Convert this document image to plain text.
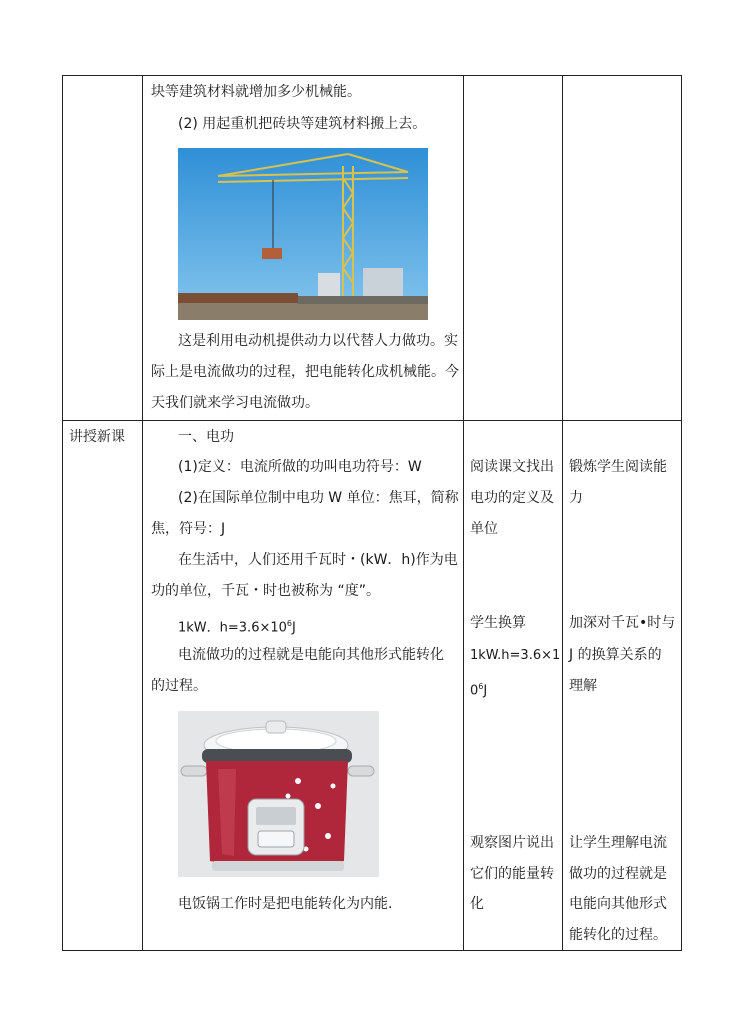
块等建筑材料就增加多少机械能。
(2) 用起重机把砖块等建筑材料搬上去。
这是利用电动机提供动力以代替人力做功。实
际上是电流做功的过程，把电能转化成机械能。今
天我们就来学习电流做功。
讲授新课	一、电功
(1)定义：电流所做的功叫电功符号：W
(2)在国际单位制中电功 W 单位：焦耳，简称
焦，符号：J
在生活中，人们还用千瓦时・(kW．h)作为电
功的单位，千瓦・时也被称为 “度”。
1kW．$h=3.6\times 10^6J$
电流做功的过程就是电能向其他形式能转化
的过程。
电饭锅工作时是把电能转化为内能.
阅读课文找出
电功的定义及
单位
学生换算
1kW.h=3.6×1
$0^6J$
观察图片说出
它们的能量转
化
锻炼学生阅读能
力
加深对千瓦•时与
J 的换算关系的
理解
让学生理解电流
做功的过程就是
电能向其他形式
能转化的过程。
